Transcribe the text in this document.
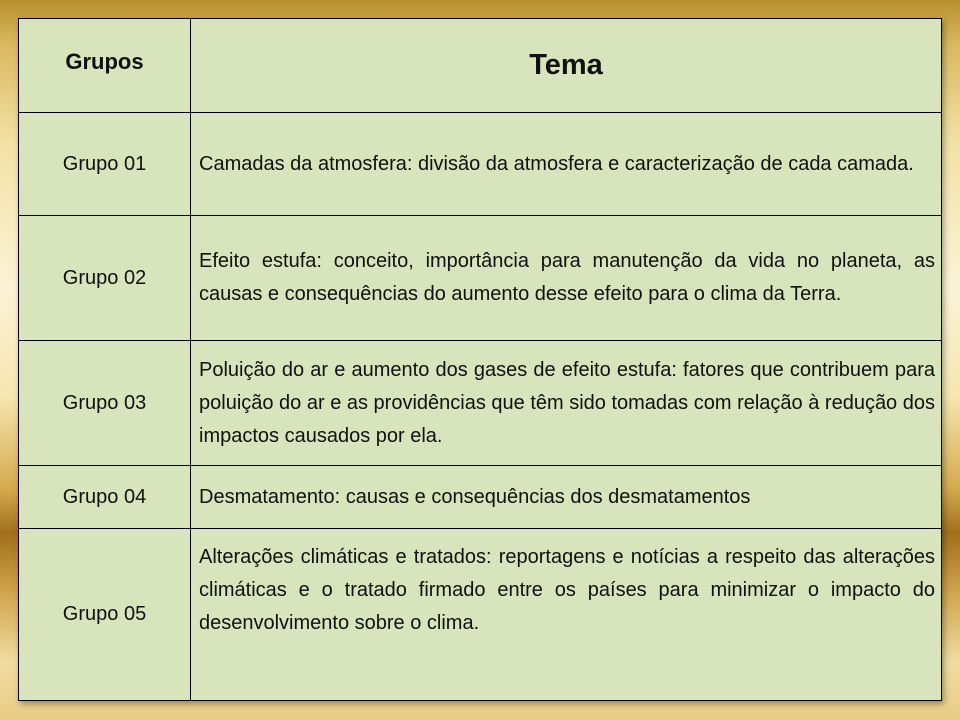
Grupos	Tema
Grupo 01	Camadas da atmosfera: divisão da atmosfera e caracterização de cada camada.
Grupo 02	Efeito estufa: conceito, importância para manutenção da vida no planeta, as causas e consequências do aumento desse efeito para o clima da Terra.
Grupo 03	Poluição do ar e aumento dos gases de efeito estufa: fatores que contribuem para poluição do ar e as providências que têm sido tomadas com relação à redução dos impactos causados por ela.
Grupo 04	Desmatamento: causas e consequências dos desmatamentos
Grupo 05	Alterações climáticas e tratados: reportagens e notícias a respeito das alterações climáticas e o tratado firmado entre os países para minimizar o impacto do desenvolvimento sobre o clima.
